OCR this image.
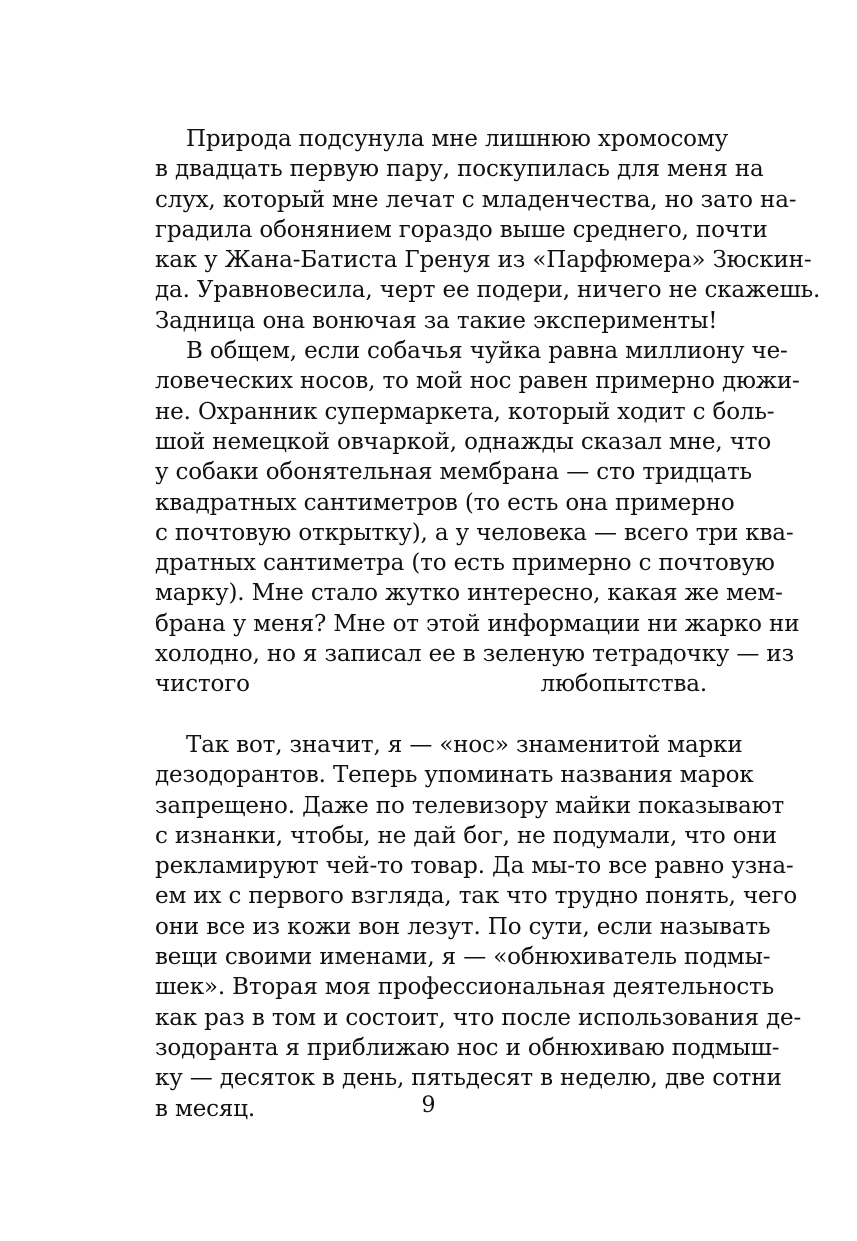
Природа подсунула мне лишнюю хромосому
в двадцать первую пару, поскупилась для меня на
слух, который мне лечат с младенчества, но зато на-
градила обонянием гораздо выше среднего, почти
как у Жана-Батиста Гренуя из «Парфюмера» Зюскин-
да. Уравновесила, черт ее подери, ничего не скажешь.
Задница она вонючая за такие эксперименты!
В общем, если собачья чуйка равна миллиону че-
ловеческих носов, то мой нос равен примерно дюжи-
не. Охранник супермаркета, который ходит с боль-
шой немецкой овчаркой, однажды сказал мне, что
у собаки обонятельная мембрана — сто тридцать
квадратных сантиметров (то есть она примерно
с почтовую открытку), а у человека — всего три ква-
дратных сантиметра (то есть примерно с почтовую
марку). Мне стало жутко интересно, какая же мем-
брана у меня? Мне от этой информации ни жарко ни
холодно, но я записал ее в зеленую тетрадочку — из
чистого любопытства.
Так вот, значит, я — «нос» знаменитой марки
дезодорантов. Теперь упоминать названия марок
запрещено. Даже по телевизору майки показывают
с изнанки, чтобы, не дай бог, не подумали, что они
рекламируют чей-то товар. Да мы-то все равно узна-
ем их с первого взгляда, так что трудно понять, чего
они все из кожи вон лезут. По сути, если называть
вещи своими именами, я — «обнюхиватель подмы-
шек». Вторая моя профессиональная деятельность
как раз в том и состоит, что после использования де-
зодоранта я приближаю нос и обнюхиваю подмыш-
ку — десяток в день, пятьдесят в неделю, две сотни
в месяц.	9
